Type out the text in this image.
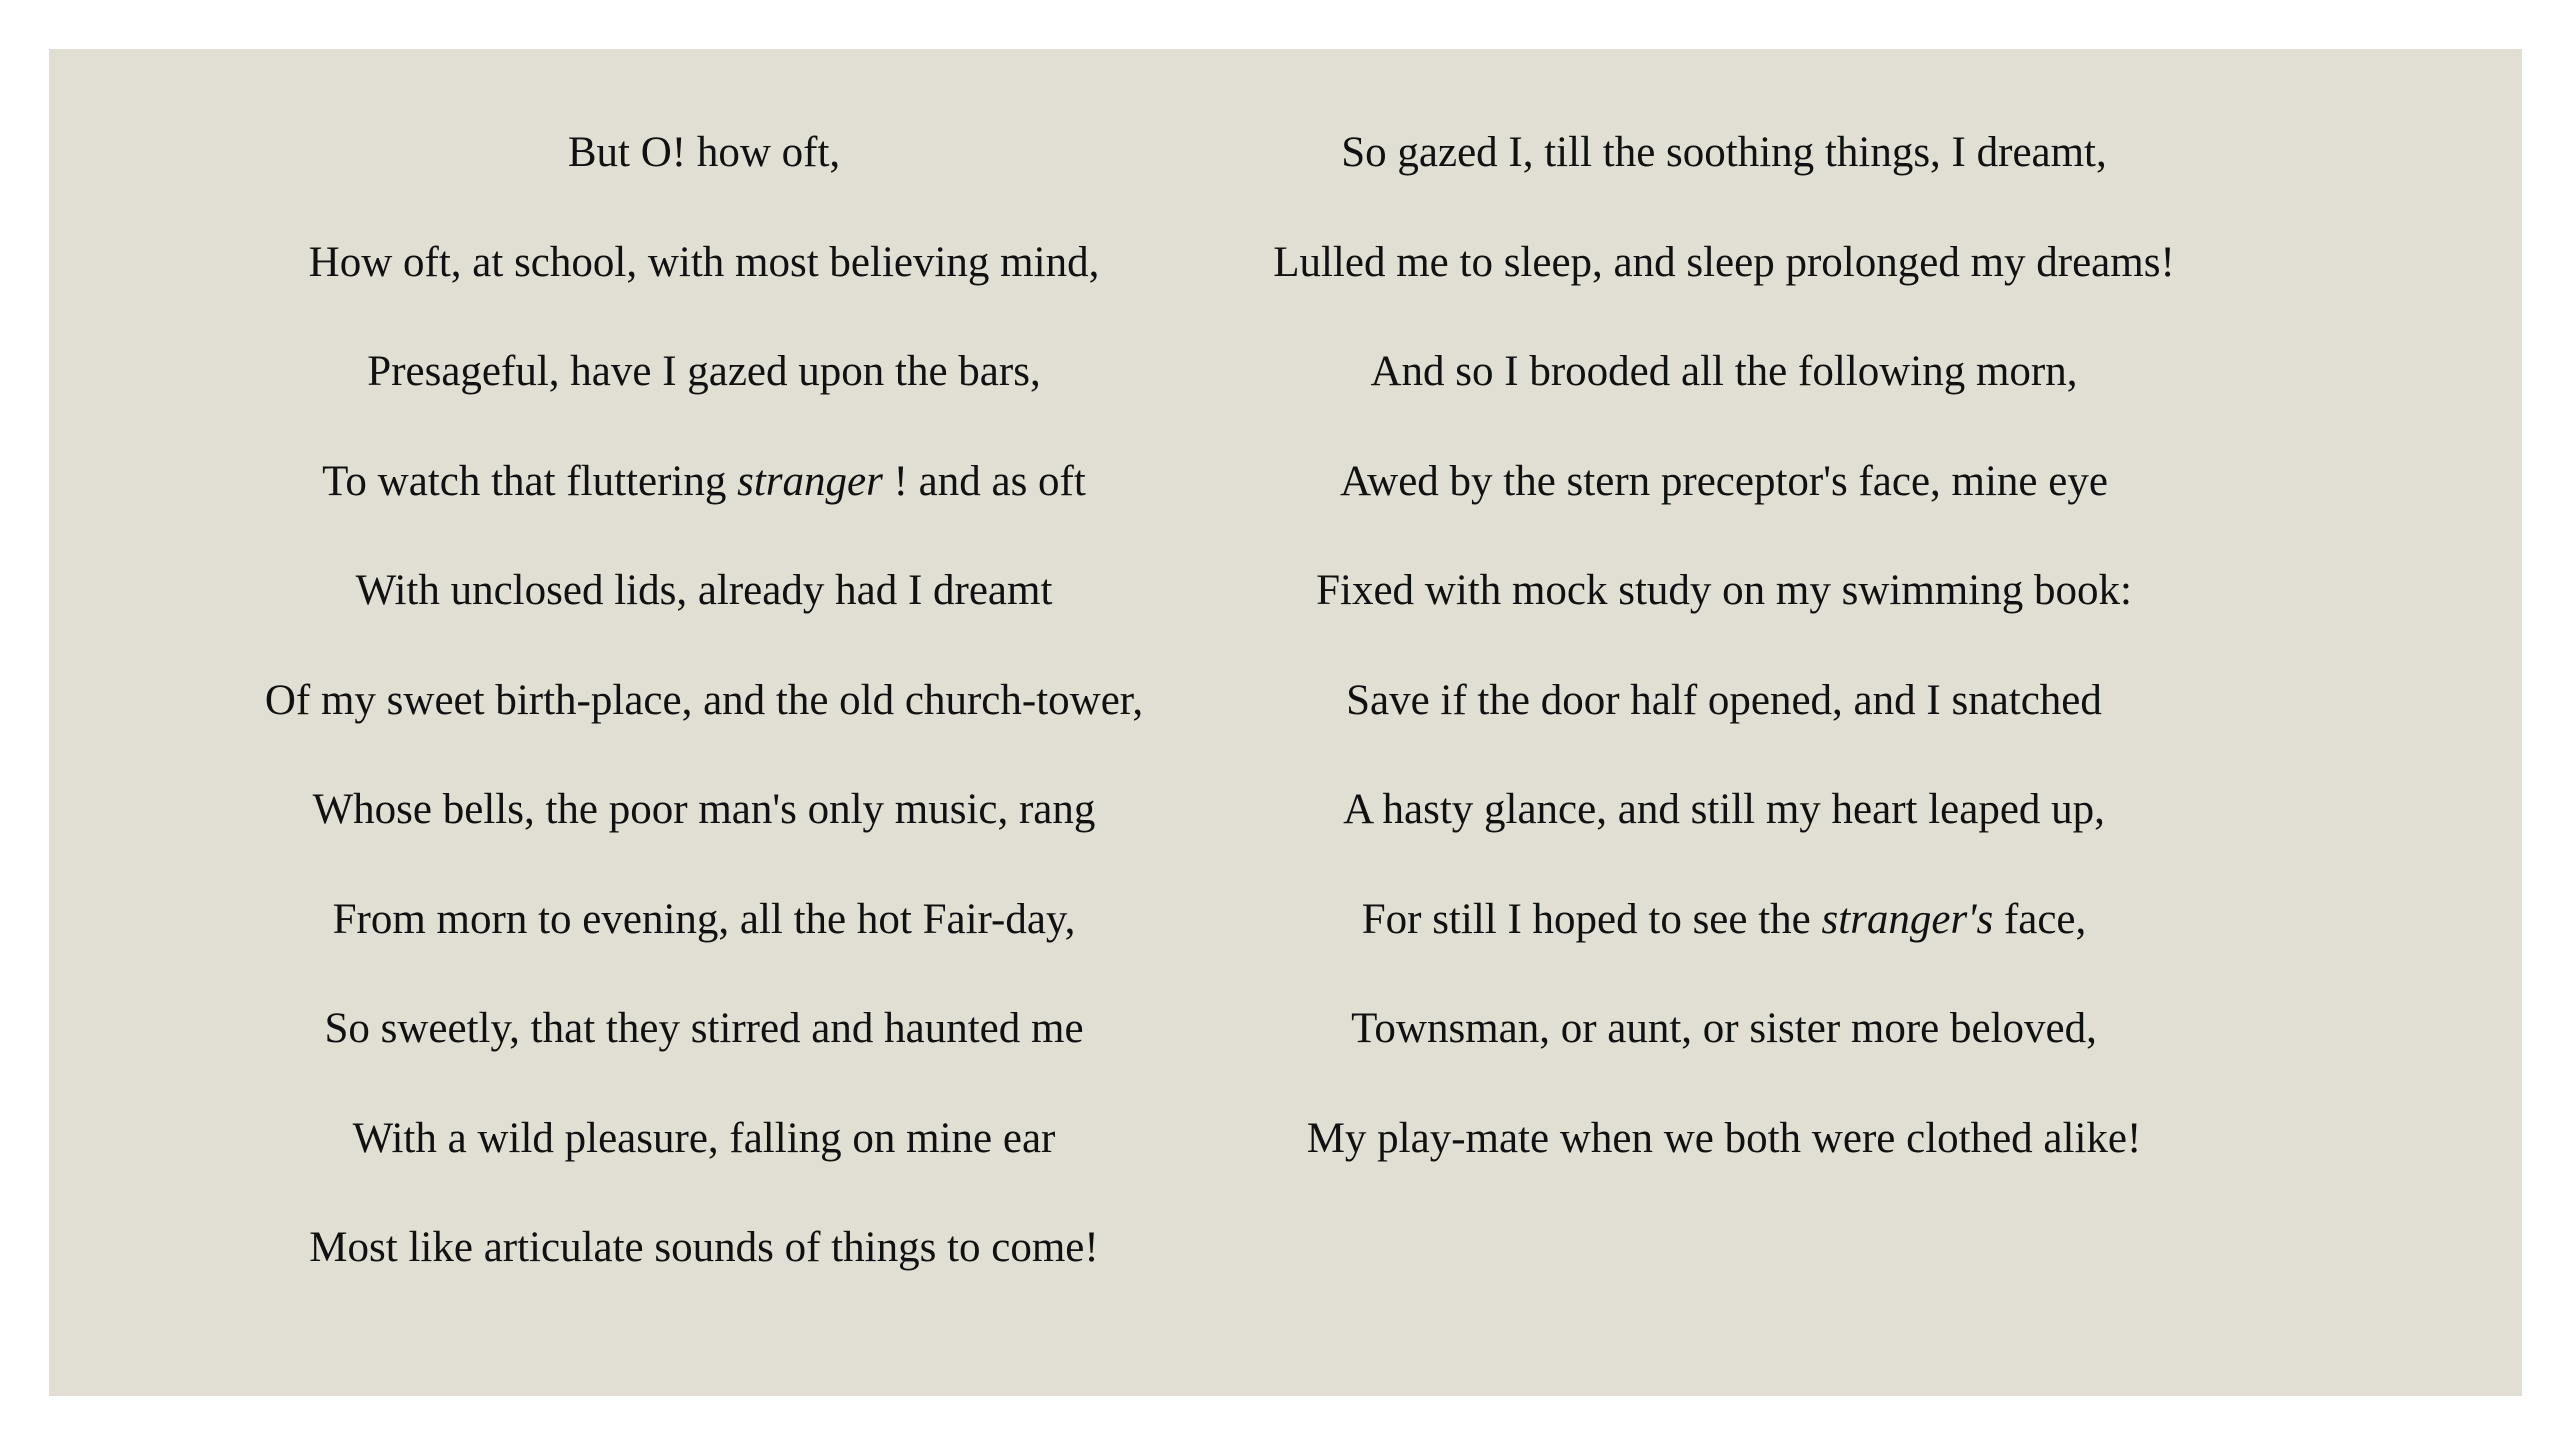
But O! how oft,
How oft, at school, with most believing mind,
Presageful, have I gazed upon the bars,
To watch that fluttering stranger ! and as oft
With unclosed lids, already had I dreamt
Of my sweet birth-place, and the old church-tower,
Whose bells, the poor man's only music, rang
From morn to evening, all the hot Fair-day,
So sweetly, that they stirred and haunted me
With a wild pleasure, falling on mine ear
Most like articulate sounds of things to come!
So gazed I, till the soothing things, I dreamt,
Lulled me to sleep, and sleep prolonged my dreams!
And so I brooded all the following morn,
Awed by the stern preceptor's face, mine eye
Fixed with mock study on my swimming book:
Save if the door half opened, and I snatched
A hasty glance, and still my heart leaped up,
For still I hoped to see the stranger's face,
Townsman, or aunt, or sister more beloved,
My play-mate when we both were clothed alike!
